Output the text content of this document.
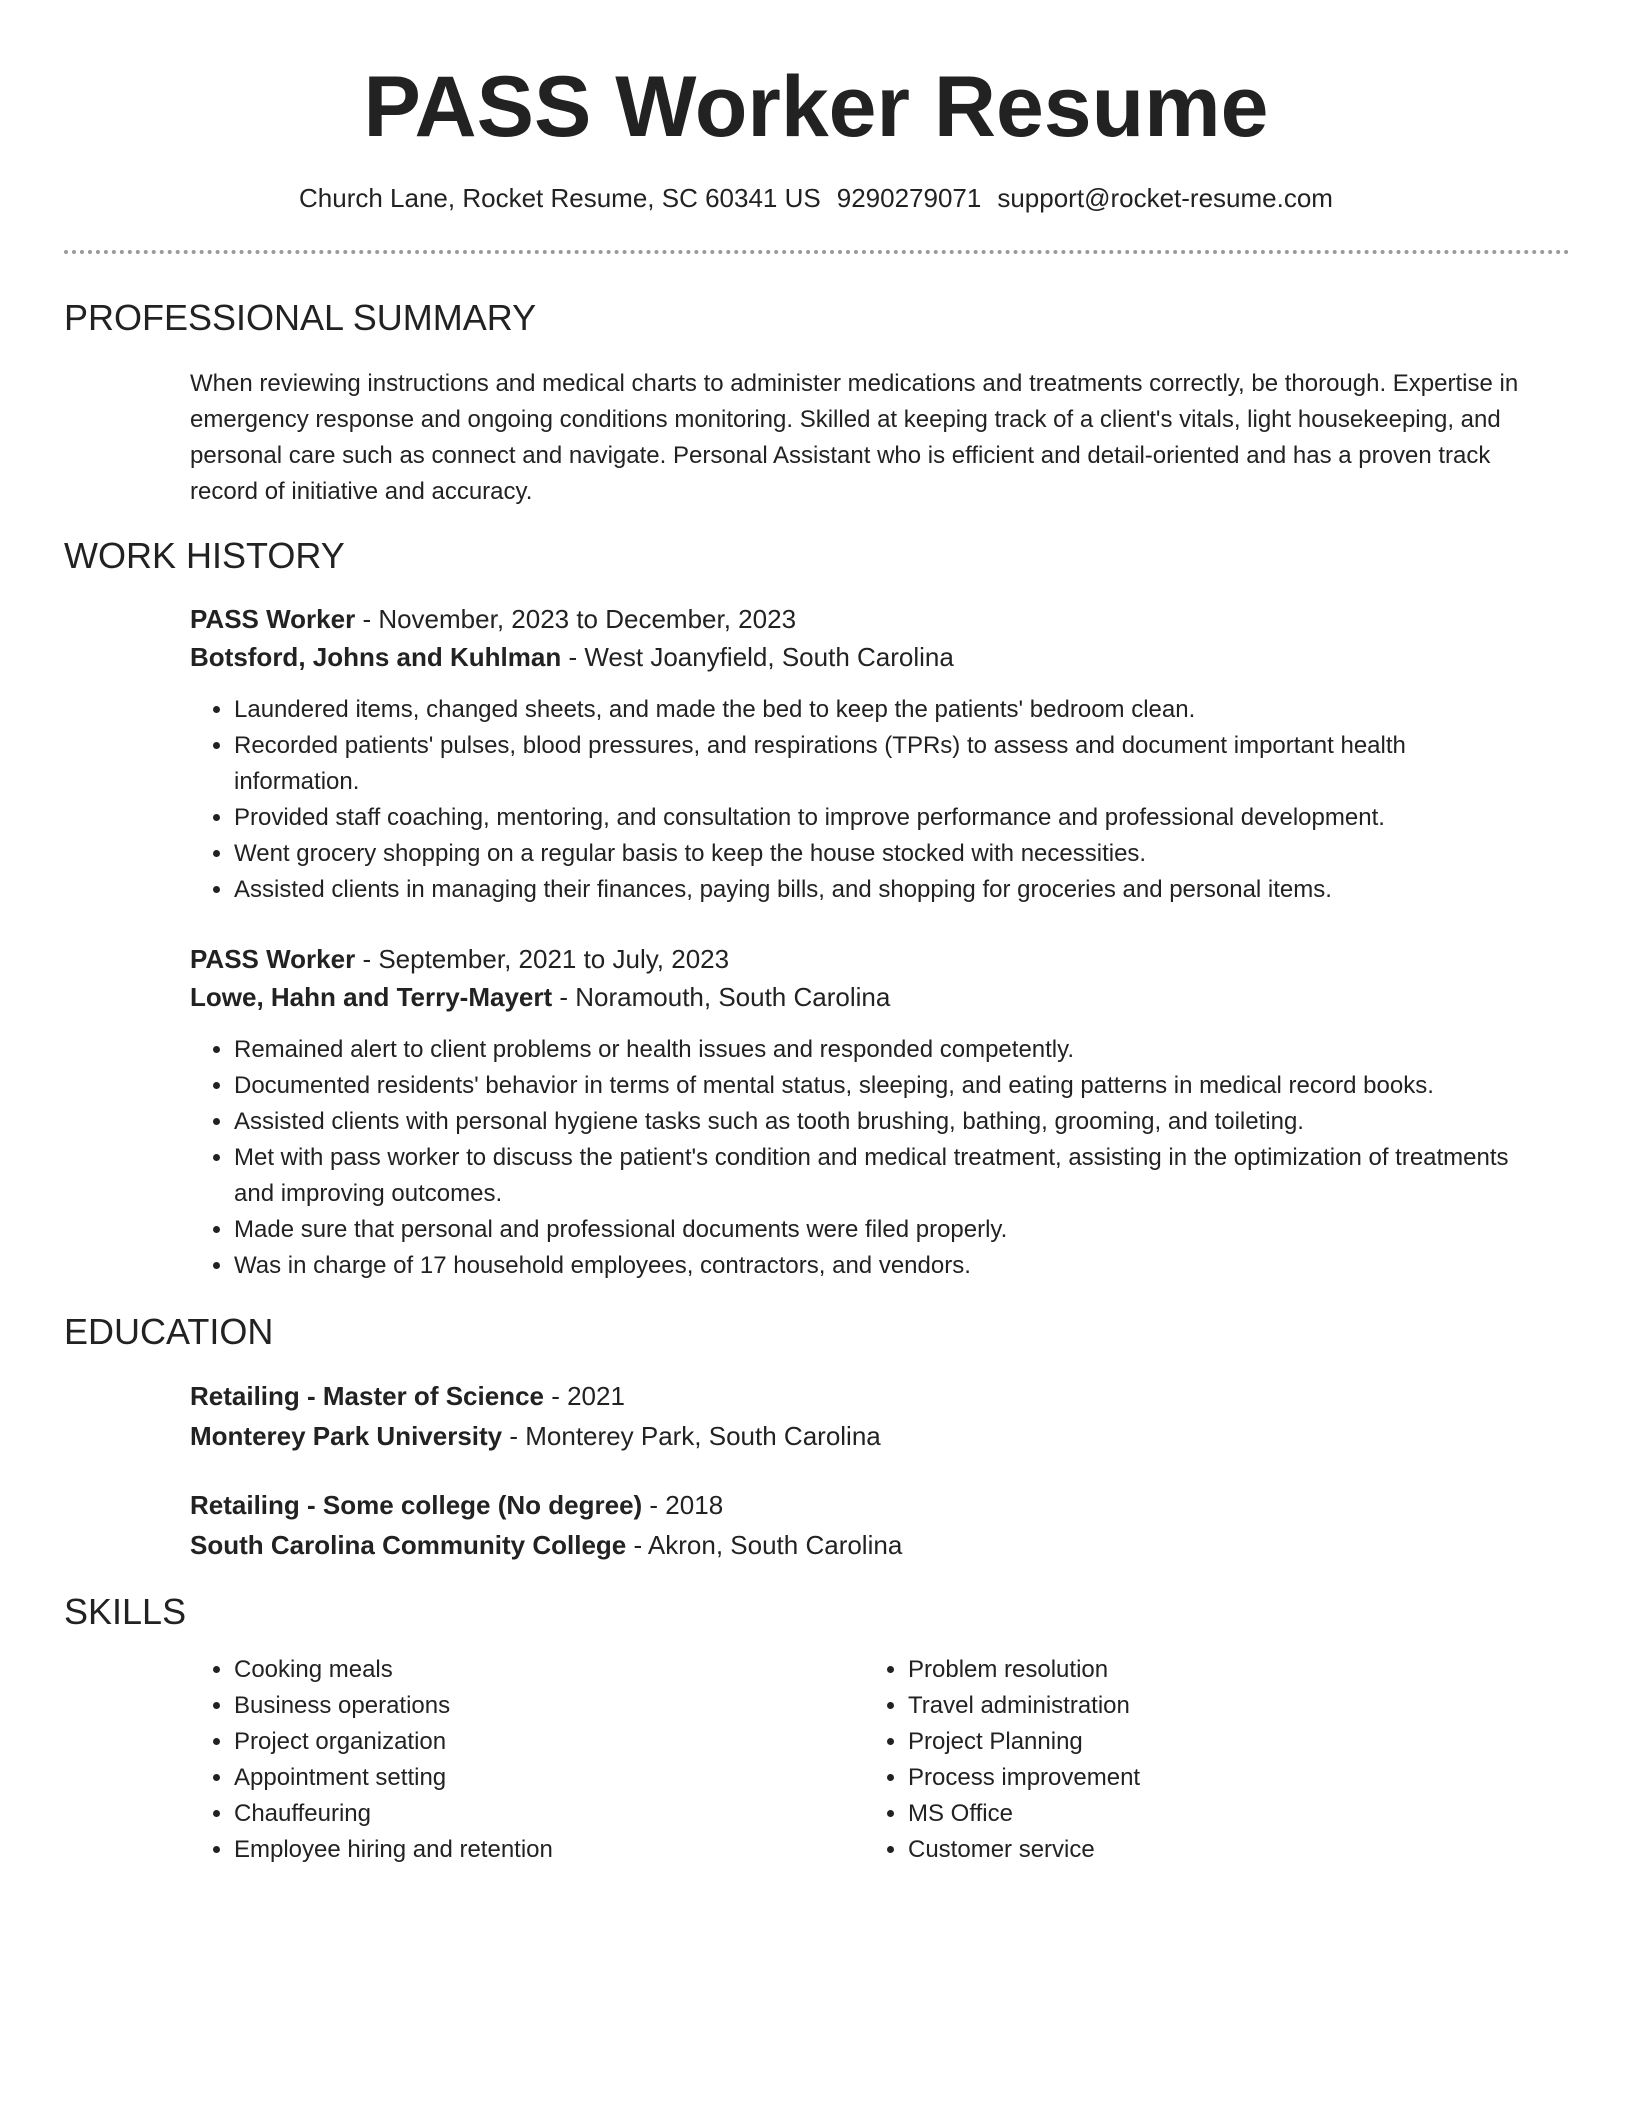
PASS Worker Resume
Church Lane, Rocket Resume, SC 60341 US 9290279071 support@rocket-resume.com
PROFESSIONAL SUMMARY

When reviewing instructions and medical charts to administer medications and treatments correctly, be thorough. Expertise in emergency response and ongoing conditions monitoring. Skilled at keeping track of a client's vitals, light housekeeping, and personal care such as connect and navigate. Personal Assistant who is efficient and detail-oriented and has a proven track record of initiative and accuracy.

WORK HISTORY
PASS Worker - November, 2023 to December, 2023
Botsford, Johns and Kuhlman - West Joanyfield, South Carolina
• Laundered items, changed sheets, and made the bed to keep the patients' bedroom clean.
• Recorded patients' pulses, blood pressures, and respirations (TPRs) to assess and document important health information.
• Provided staff coaching, mentoring, and consultation to improve performance and professional development.
• Went grocery shopping on a regular basis to keep the house stocked with necessities.
• Assisted clients in managing their finances, paying bills, and shopping for groceries and personal items.
PASS Worker - September, 2021 to July, 2023
Lowe, Hahn and Terry-Mayert - Noramouth, South Carolina
• Remained alert to client problems or health issues and responded competently.
• Documented residents' behavior in terms of mental status, sleeping, and eating patterns in medical record books.
• Assisted clients with personal hygiene tasks such as tooth brushing, bathing, grooming, and toileting.
• Met with pass worker to discuss the patient's condition and medical treatment, assisting in the optimization of treatments and improving outcomes.
• Made sure that personal and professional documents were filed properly.
• Was in charge of 17 household employees, contractors, and vendors.
EDUCATION
Retailing - Master of Science - 2021
Monterey Park University - Monterey Park, South Carolina
Retailing - Some college (No degree) - 2018
South Carolina Community College - Akron, South Carolina
SKILLS
• Cooking meals
• Business operations
• Project organization
• Appointment setting
• Chauffeuring
• Employee hiring and retention
• Problem resolution
• Travel administration
• Project Planning
• Process improvement
• MS Office
• Customer service
